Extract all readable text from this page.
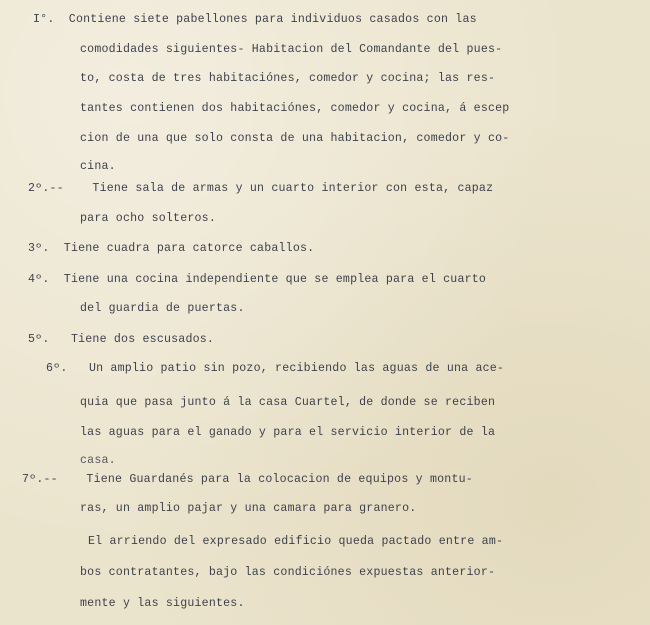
I°.  Contiene siete pabellones para individuos casados con las
comodidades siguientes- Habitacion del Comandante del pues-
to, costa de tres habitaciónes, comedor y cocina; las res-
tantes contienen dos habitaciónes, comedor y cocina, á escep
cion de una que solo consta de una habitacion, comedor y co-
cina.
2º.--    Tiene sala de armas y un cuarto interior con esta, capaz
para ocho solteros.
3º.  Tiene cuadra para catorce caballos.
4º.  Tiene una cocina independiente que se emplea para el cuarto
del guardia de puertas.
5º.   Tiene dos escusados.
6º.   Un amplio patio sin pozo, recibiendo las aguas de una ace-
quia que pasa junto á la casa Cuartel, de donde se reciben
las aguas para el ganado y para el servicio interior de la
casa.
7º.--    Tiene Guardanés para la colocacion de equipos y montu-
ras, un amplio pajar y una camara para granero.
El arriendo del expresado edificio queda pactado entre am-
bos contratantes, bajo las condiciónes expuestas anterior-
mente y las siguientes.
